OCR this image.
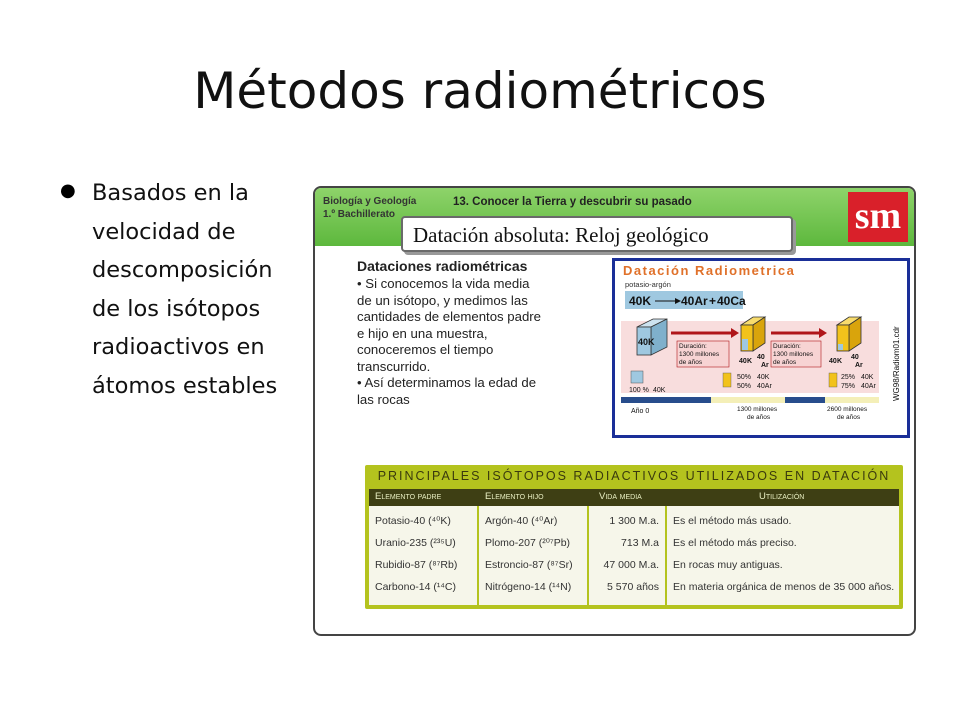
Métodos radiométricos
● Basados en la
velocidad de
descomposición
de los isótopos
radioactivos en
átomos estables
Biología y Geología
1.º Bachillerato
13. Conocer la Tierra y descubrir su pasado	sm
Datación absoluta: Reloj geológico
Dataciones radiométricas
• Si conocemos la vida media
de un isótopo, y medimos las
cantidades de elementos padre
e hijo en una muestra,
conoceremos el tiempo
transcurrido.
• Así determinamos la edad de
las rocas
Datación Radiometrica
potasio-argón
40K 40Ar + 40Ca
40K	Duración:
1300 millones
de años
Duración:
1300 millones
de años
40 K
40
Ar
40 K
40
Ar
100 % 40K
50% 40K
50% 40Ar
25% 40K
75% 40Ar
Año 0	1300 millones
de años
2600 millones
de años
WG98/Radiom01.cdr
PRINCIPALES ISÓTOPOS RADIACTIVOS UTILIZADOS EN DATACIÓN
Elemento padre	Elemento hijo	Vida media	Utilización
Potasio-40 (⁴⁰K)	Argón-40 (⁴⁰Ar)	1 300 M.a. Es el método más usado.
Uranio-235 (²³⁵U)	Plomo-207 (²⁰⁷Pb)	713 M.a Es el método más preciso.
Rubidio-87 (⁸⁷Rb)	Estroncio-87 (⁸⁷Sr)	47 000 M.a. En rocas muy antiguas.
Carbono-14 (¹⁴C)	Nitrógeno-14 (¹⁴N)	5 570 años En materia orgánica de menos de 35 000 años.
